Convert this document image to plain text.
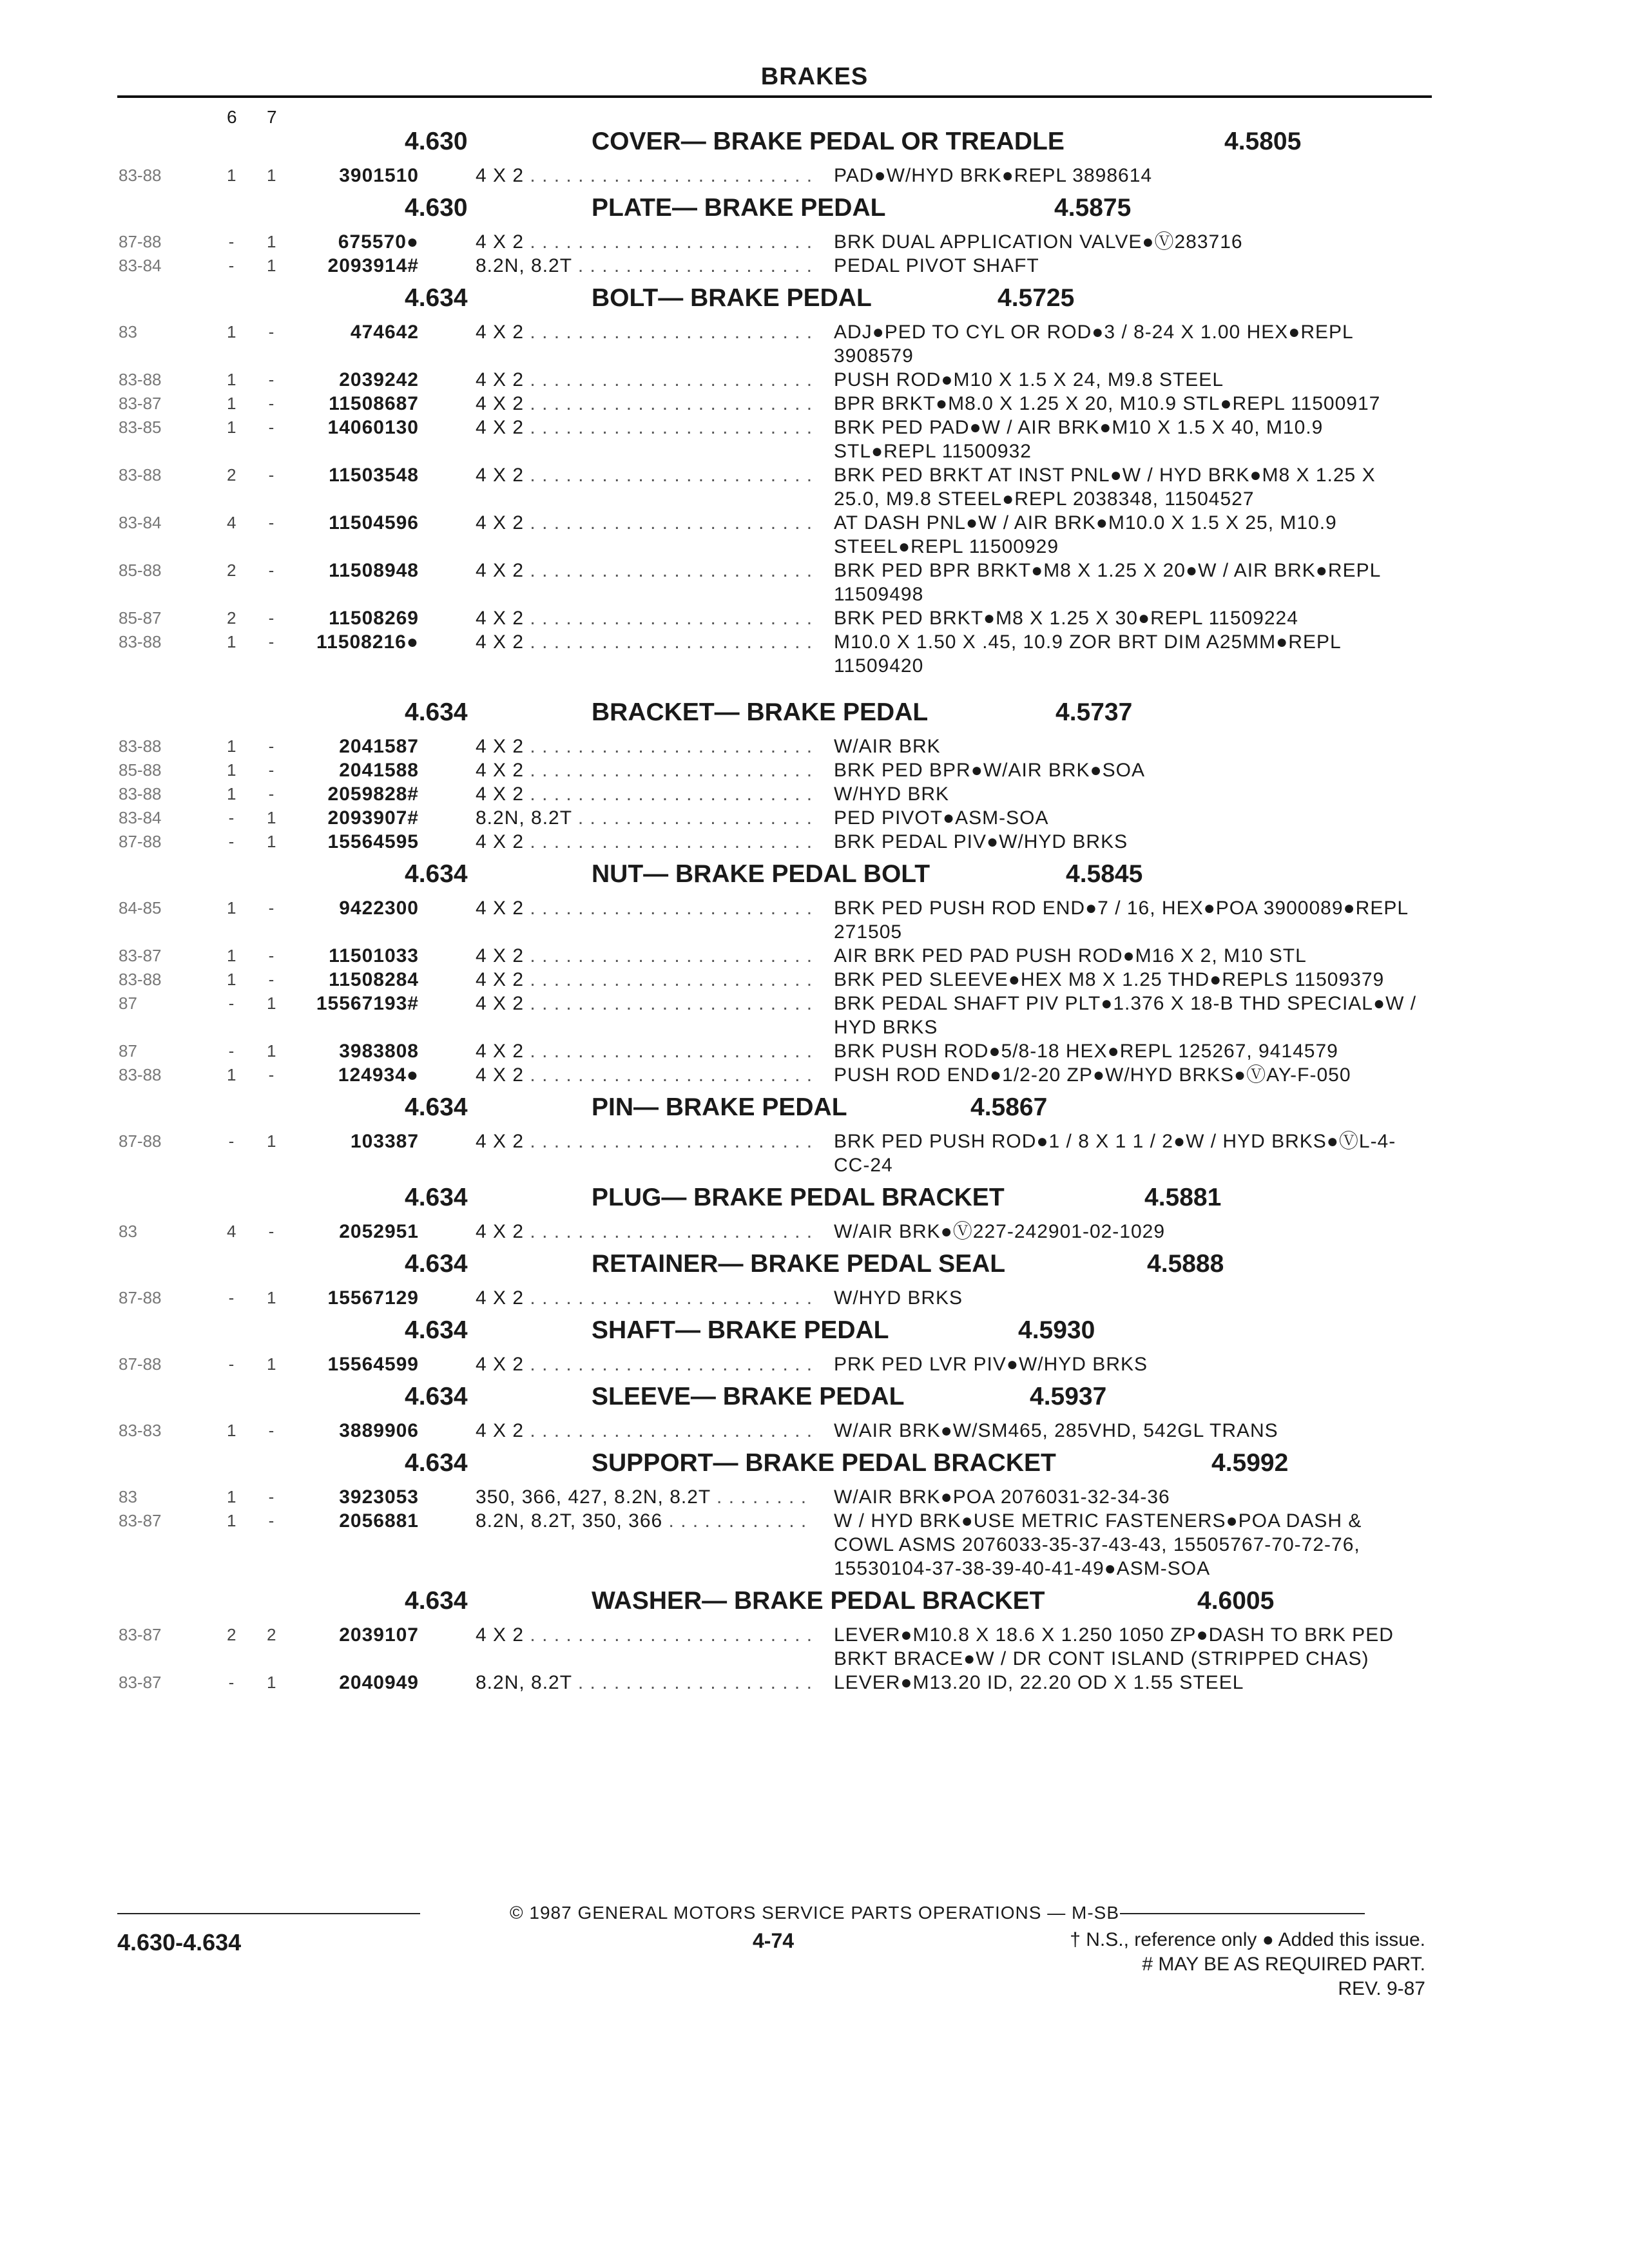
BRAKES
6 7
4.630	COVER— BRAKE PEDAL OR TREADLE	4.5805
83-88	1 1	3901510	4 X 2 . . .	PAD●W/HYD BRK●REPL 3898614
4.630	PLATE— BRAKE PEDAL	4.5875
87-88	- 1	675570●	4 X 2 . . .	BRK DUAL APPLICATION VALVE●Ⓥ283716
83-84	- 1	2093914#	8.2N, 8.2T . . .	PEDAL PIVOT SHAFT
4.634	BOLT— BRAKE PEDAL	4.5725
83	1 -	474642	4 X 2 . . .	ADJ●PED TO CYL OR ROD●3 / 8-24 X 1.00 HEX●REPL 3908579
83-88	1 -	2039242	4 X 2 . . .	PUSH ROD●M10 X 1.5 X 24, M9.8 STEEL
83-87	1 -	11508687	4 X 2 . . .	BPR BRKT●M8.0 X 1.25 X 20, M10.9 STL●REPL 11500917
83-85	1 -	14060130	4 X 2 . . .	BRK PED PAD●W / AIR BRK●M10 X 1.5 X 40, M10.9 STL●REPL 11500932
83-88	2 -	11503548	4 X 2 . . .	BRK PED BRKT AT INST PNL●W / HYD BRK●M8 X 1.25 X 25.0, M9.8 STEEL●REPL 2038348, 11504527
83-84	4 -	11504596	4 X 2 . . .	AT DASH PNL●W / AIR BRK●M10.0 X 1.5 X 25, M10.9 STEEL●REPL 11500929
85-88	2 -	11508948	4 X 2 . . .	BRK PED BPR BRKT●M8 X 1.25 X 20●W / AIR BRK●REPL 11509498
85-87	2 -	11508269	4 X 2 . . .	BRK PED BRKT●M8 X 1.25 X 30●REPL 11509224
83-88	1 - 11508216●	4 X 2 . . .	M10.0 X 1.50 X .45, 10.9 ZOR BRT DIM A25MM●REPL 11509420
4.634	BRACKET— BRAKE PEDAL	4.5737
83-88	1 -	2041587	4 X 2 . . .	W/AIR BRK
85-88	1 -	2041588	4 X 2 . . .	BRK PED BPR●W/AIR BRK●SOA
83-88	1 -	2059828#	4 X 2 . . .	W/HYD BRK
83-84	- 1	2093907#	8.2N, 8.2T . . .	PED PIVOT●ASM-SOA
87-88	- 1	15564595	4 X 2 . . .	BRK PEDAL PIV●W/HYD BRKS
4.634	NUT— BRAKE PEDAL BOLT	4.5845
84-85	1 -	9422300	4 X 2 . . .	BRK PED PUSH ROD END●7 / 16, HEX●POA 3900089●REPL 271505
83-87	1 -	11501033	4 X 2 . . .	AIR BRK PED PAD PUSH ROD●M16 X 2, M10 STL
83-88	1 -	11508284	4 X 2 . . .	BRK PED SLEEVE●HEX M8 X 1.25 THD●REPLS 11509379
87	- 1 15567193#	4 X 2 . . .	BRK PEDAL SHAFT PIV PLT●1.376 X 18-B THD SPECIAL●W / HYD BRKS
87	- 1	3983808	4 X 2 . . .	BRK PUSH ROD●5/8-18 HEX●REPL 125267, 9414579
83-88	1 -	124934●	4 X 2 . . .	PUSH ROD END●1/2-20 ZP●W/HYD BRKS●ⓋAY-F-050
4.634	PIN— BRAKE PEDAL	4.5867
87-88	- 1	103387	4 X 2 . . .	BRK PED PUSH ROD●1 / 8 X 1 1 / 2●W / HYD BRKS●ⓋL-4-CC-24
4.634	PLUG— BRAKE PEDAL BRACKET	4.5881
83	4 -	2052951	4 X 2 . . .	W/AIR BRK●Ⓥ227-242901-02-1029
4.634	RETAINER— BRAKE PEDAL SEAL	4.5888
87-88	- 1	15567129	4 X 2 . . .	W/HYD BRKS
4.634	SHAFT— BRAKE PEDAL	4.5930
87-88	- 1	15564599	4 X 2 . . .	PRK PED LVR PIV●W/HYD BRKS
4.634	SLEEVE— BRAKE PEDAL	4.5937
83-83	1 -	3889906	4 X 2 . . .	W/AIR BRK●W/SM465, 285VHD, 542GL TRANS
4.634	SUPPORT— BRAKE PEDAL BRACKET	4.5992
83	1 -	3923053	350, 366, 427, 8.2N, 8.2T . . .	W/AIR BRK●POA 2076031-32-34-36
83-87	1 -	2056881	8.2N, 8.2T, 350, 366 . . .	W / HYD BRK●USE METRIC FASTENERS●POA DASH & COWL ASMS 2076033-35-37-43-43, 15505767-70-72-76, 15530104-37-38-39-40-41-49●ASM-SOA
4.634	WASHER— BRAKE PEDAL BRACKET	4.6005
83-87	2 2	2039107	4 X 2 . . .	LEVER●M10.8 X 18.6 X 1.250 1050 ZP●DASH TO BRK PED BRKT BRACE●W / DR CONT ISLAND (STRIPPED CHAS)
83-87	- 1	2040949	8.2N, 8.2T . . .	LEVER●M13.20 ID, 22.20 OD X 1.55 STEEL
© 1987 GENERAL MOTORS SERVICE PARTS OPERATIONS — M-SB
4.630-4.634	4-74	† N.S., reference only ● Added this issue.
# MAY BE AS REQUIRED PART.
REV. 9-87
